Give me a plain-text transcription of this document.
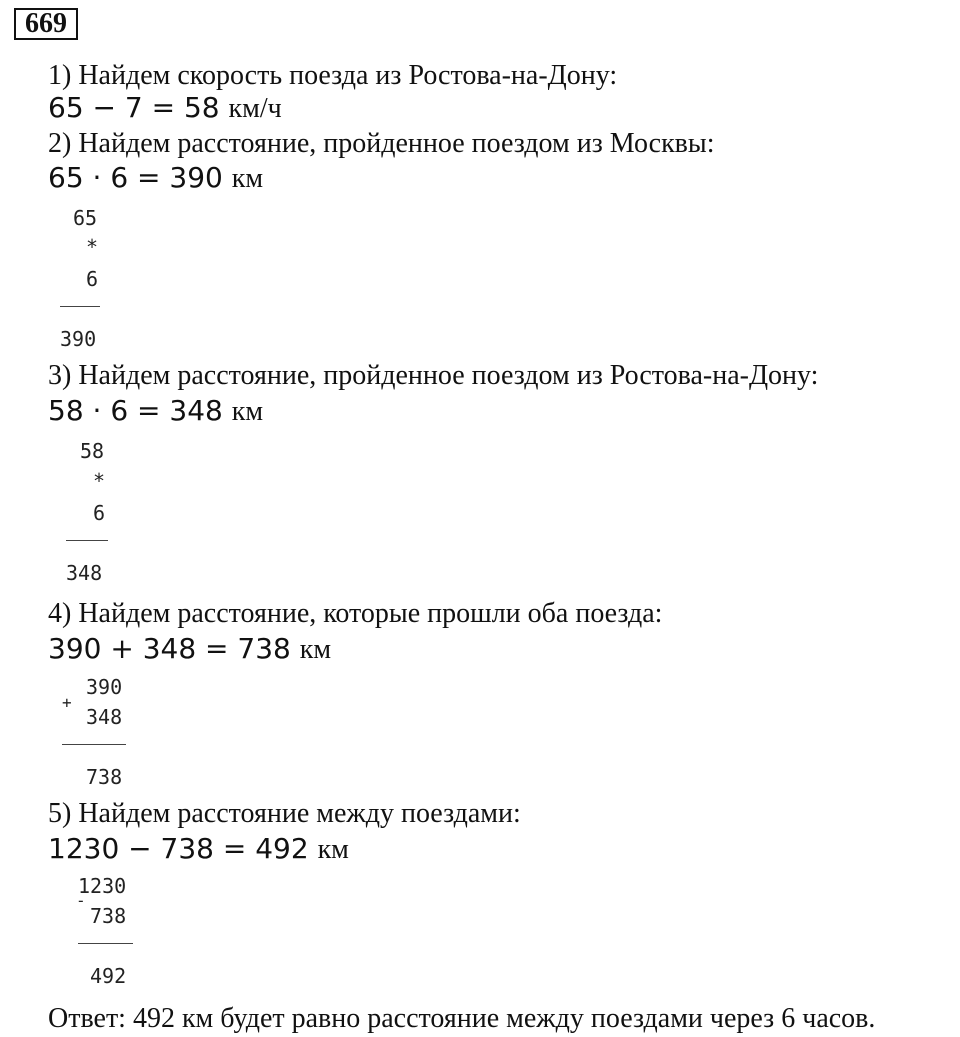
669
1) Найдем скорость поезда из Ростова-на-Дону:
65 − 7 = 58 км/ч
2) Найдем расстояние, пройденное поездом из Москвы:
65 · 6 = 390 км
65
*
6
390
3) Найдем расстояние, пройденное поездом из Ростова-на-Дону:
58 · 6 = 348 км
58
*
6
348
4) Найдем расстояние, которые прошли оба поезда:
390 + 348 = 738 км
390
+
348
738
5) Найдем расстояние между поездами:
1230 − 738 = 492 км
1230
-
738
492
Ответ: 492 км будет равно расстояние между поездами через 6 часов.
